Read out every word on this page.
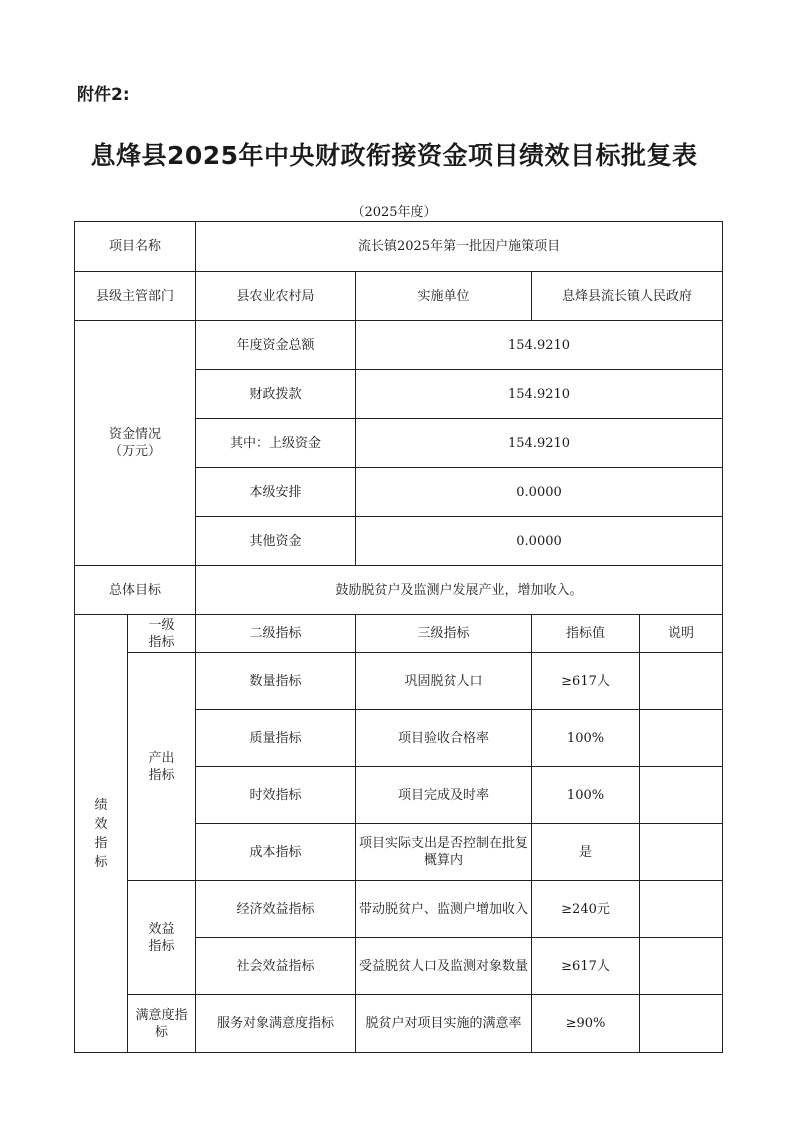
附件2:
息烽县2025年中央财政衔接资金项目绩效目标批复表
（2025年度）
项目名称		流长镇2025年第一批因户施策项目			
县级主管部门		县农业农村局	实施单位	息烽县流长镇人民政府	

资金情况
（万元）		年度资金总额	154.9210		
		财政拨款	154.9210		
		其中：上级资金	154.9210		
		本级安排	0.0000		
		其他资金	0.0000		
总体目标		鼓励脱贫户及监测户发展产业，增加收入。			

绩效指标	一级指标	二级指标	三级指标	指标值	说明

	产出指标	数量指标	巩固脱贫人口	≥617人	
		质量指标	项目验收合格率	100%	
		时效指标	项目完成及时率	100%	
		成本指标	项目实际支出是否控制在批复概算内	是	

	效益指标	经济效益指标	带动脱贫户、监测户增加收入	≥240元	
		社会效益指标	受益脱贫人口及监测对象数量	≥617人	

	满意度指标	服务对象满意度指标	脱贫户对项目实施的满意率	≥90%	
